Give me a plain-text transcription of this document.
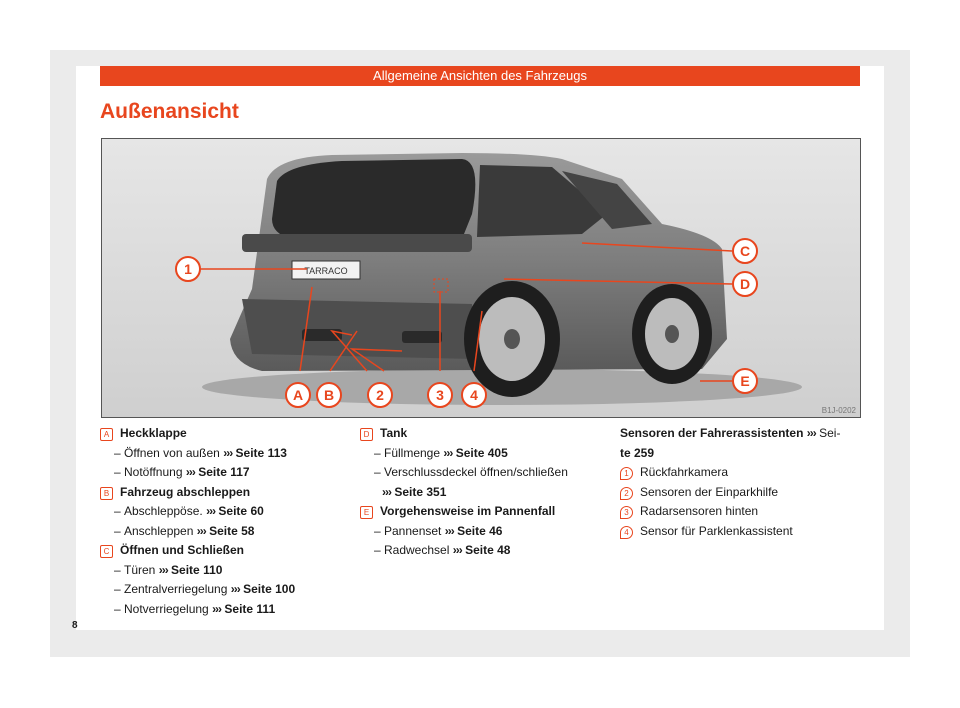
Allgemeine Ansichten des Fahrzeugs
Außenansicht
TARRACO
1
A B	2	3 4
C
D
E
B1J-0202
A Heckklappe
– Öffnen von außen ››› Seite 113
– Notöffnung ››› Seite 117
B Fahrzeug abschleppen
– Abschleppöse. ››› Seite 60
– Anschleppen ››› Seite 58
C Öffnen und Schließen
– Türen ››› Seite 110
– Zentralverriegelung ››› Seite 100
– Notverriegelung ››› Seite 111
D Tank
– Füllmenge ››› Seite 405
– Verschlussdeckel öffnen/schließen
››› Seite 351
E Vorgehensweise im Pannenfall
– Pannenset ››› Seite 46
– Radwechsel ››› Seite 48
Sensoren der Fahrerassistenten ››› Sei-
te 259
1 Rückfahrkamera
2 Sensoren der Einparkhilfe
3 Radarsensoren hinten
4 Sensor für Parklenkassistent
8
